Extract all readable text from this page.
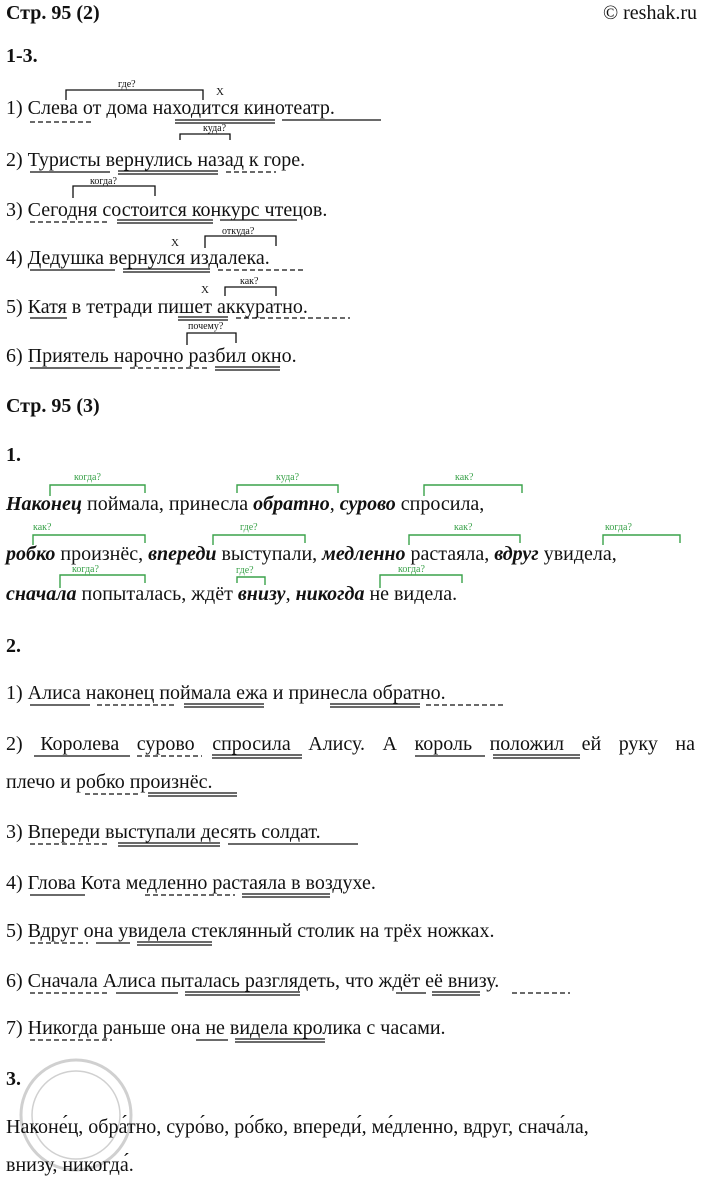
Стр. 95 (2)	© reshak.ru
1-3.
1) Слева от дома находится кинотеатр.
2) Туристы вернулись назад к горе.
3) Сегодня состоится конкурс чтецов.
4) Дедушка вернулся издалека.
5) Катя в тетради пишет аккуратно.
6) Приятель нарочно разбил окно.
где?
куда?
когда?
откуда?
как?
почему?
X
X
X
Стр. 95 (3)
1.
Наконец поймала, принесла обратно, сурово спросила,
робко произнёс, впереди выступали, медленно растаяла, вдруг увидела,
сначала попыталась, ждёт внизу, никогда не видела.
когда?	куда?	как?
как?	где?	как?	когда?
когда?	где?	когда?
2.
1) Алиса наконец поймала ежа и принесла обратно.
2) Королева сурово спросила Алису. А король положил ей руку на
плечо и робко произнёс.
3) Впереди выступали десять солдат.
4) Глова Кота медленно растаяла в воздухе.
5) Вдруг она увидела стеклянный столик на трёх ножках.
6) Сначала Алиса пыталась разглядеть, что ждёт её внизу.
7) Никогда раньше она не видела кролика с часами.
3.
Наконе́ц, обра́тно, суро́во, ро́бко, впереди́, ме́дленно, вдруг, снача́ла,
внизу, никогда́.
